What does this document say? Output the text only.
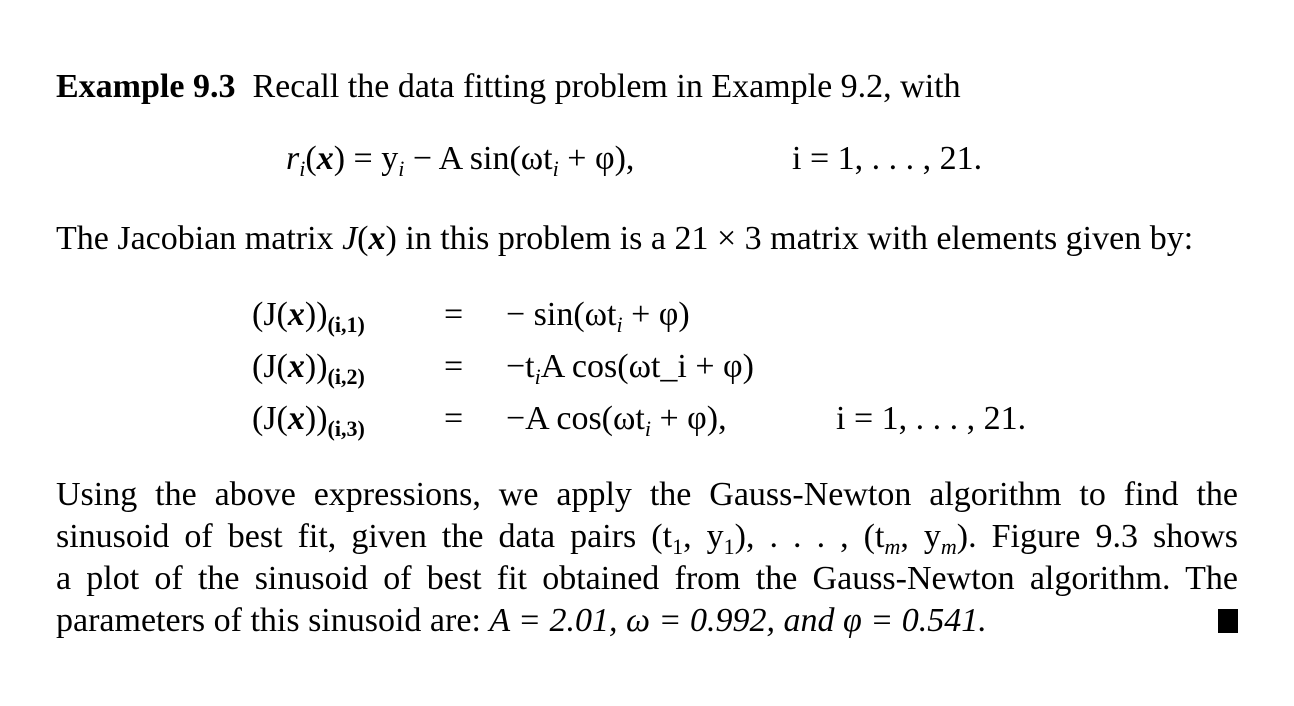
Example 9.3 Recall the data fitting problem in Example 9.2, with
$r_i(x) = y_i - A$ $\sin(\omega t_i + \varphi)$,	i = 1, . . . , 21.
The Jacobian matrix J(x) in this problem is a 21 × 3 matrix with elements given by:
$(J(x))_{(i,1)}$ = − $\sin(\omega t_i + \varphi)$
$(J(x))_{(i,2)} = -t_iA$ cos(ωt_i + φ)
$(J(x))_{(i,3)} = -A$ $\cos(\omega t_i + \varphi)$,	i = 1, . . . , 21.
Using the above expressions, we apply the Gauss-Newton algorithm to find the
sinusoid of best fit, given the data pairs ($t_1$, $y_1$), . . . , ($t_m$, $y_m$). Figure 9.3 shows
a plot of the sinusoid of best fit obtained from the Gauss-Newton algorithm. The
parameters of this sinusoid are: A = 2.01, ω = 0.992, and φ = 0.541.
